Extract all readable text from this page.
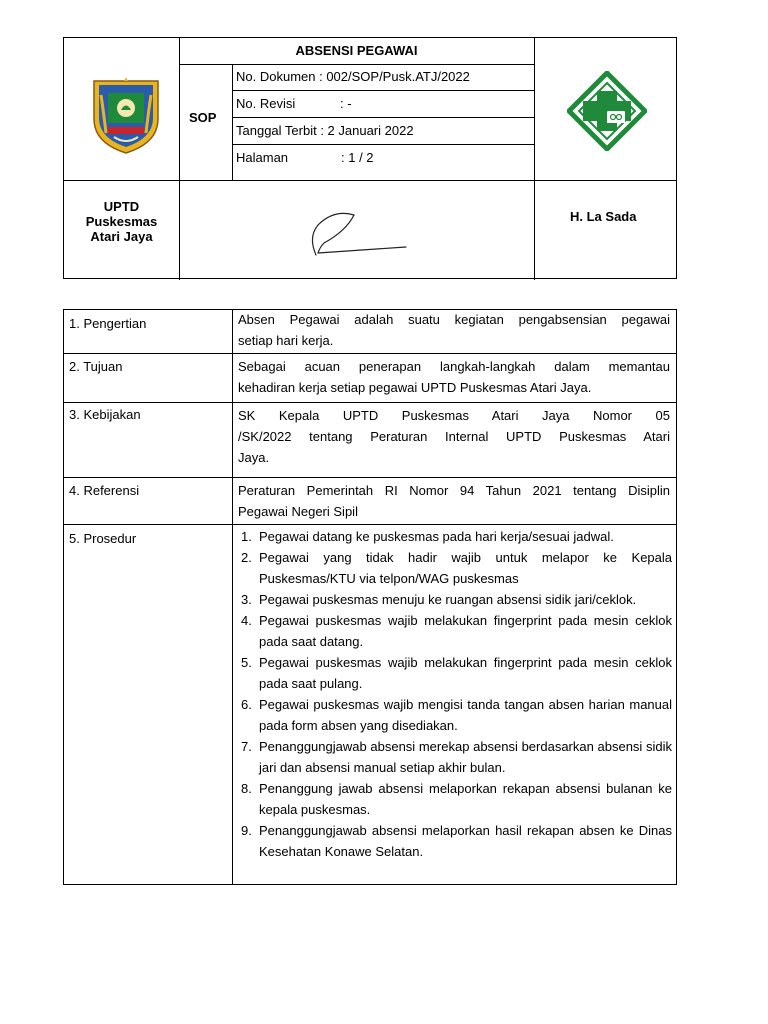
ABSENSI PEGAWAI
SOP
No. Dokumen : 002/SOP/Pusk.ATJ/2022
No. Revisi	: -
Tanggal Terbit : 2 Januari 2022
Halaman	: 1 / 2
UPTD
Puskesmas
Atari Jaya
H. La Sada
1. Pengertian	Absen Pegawai adalah suatu kegiatan pengabsensian pegawai
setiap hari kerja.
2. Tujuan	Sebagai acuan penerapan langkah-langkah dalam memantau
kehadiran kerja setiap pegawai UPTD Puskesmas Atari Jaya.
3. Kebijakan	SK Kepala UPTD Puskesmas Atari Jaya Nomor 05
/SK/2022 tentang Peraturan Internal UPTD Puskesmas Atari
Jaya.
4. Referensi	Peraturan Pemerintah RI Nomor 94 Tahun 2021 tentang Disiplin
Pegawai Negeri Sipil
5. Prosedur	1. Pegawai datang ke puskesmas pada hari kerja/sesuai jadwal.
2. Pegawai yang tidak hadir wajib untuk melapor ke Kepala Puskesmas/KTU via telpon/WAG puskesmas
3. Pegawai puskesmas menuju ke ruangan absensi sidik jari/ceklok.
4. Pegawai puskesmas wajib melakukan fingerprint pada mesin ceklok pada saat datang.
5. Pegawai puskesmas wajib melakukan fingerprint pada mesin ceklok pada saat pulang.
6. Pegawai puskesmas wajib mengisi tanda tangan absen harian manual pada form absen yang disediakan.
7. Penanggungjawab absensi merekap absensi berdasarkan absensi sidik jari dan absensi manual setiap akhir bulan.
8. Penanggung jawab absensi melaporkan rekapan absensi bulanan ke kepala puskesmas.
9. Penanggungjawab absensi melaporkan hasil rekapan absen ke Dinas Kesehatan Konawe Selatan.
